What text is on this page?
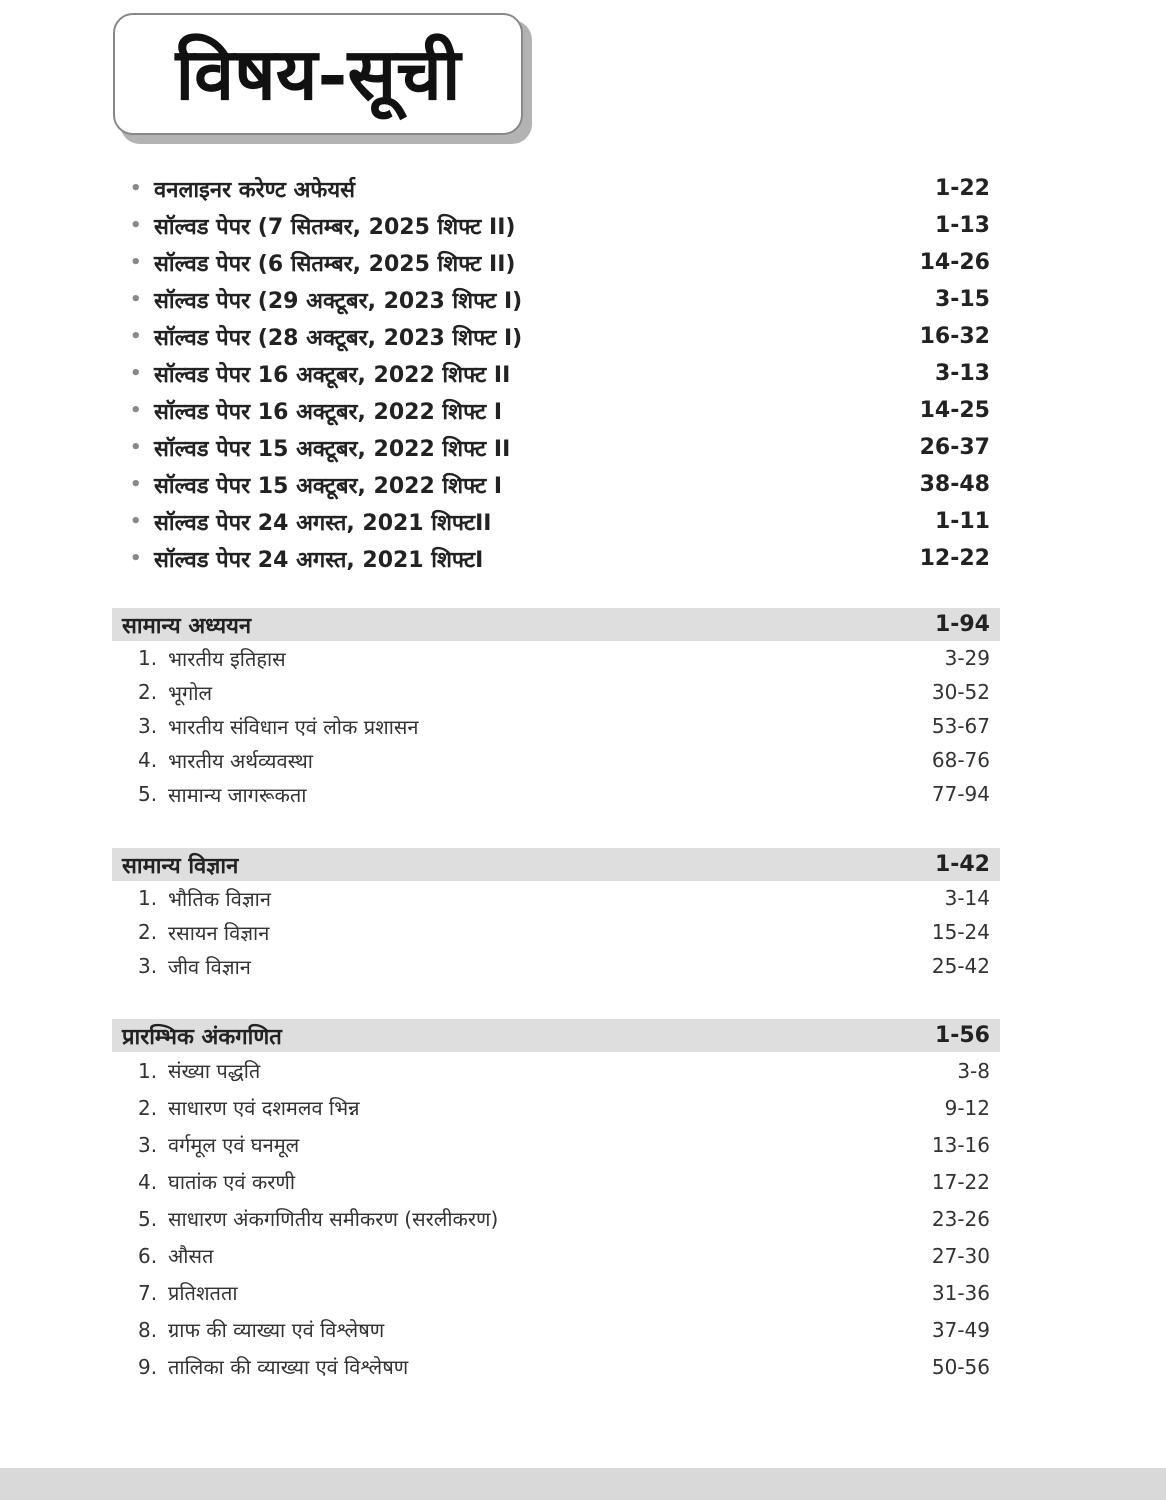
विषय-सूची
• वनलाइनर करेण्ट अफेयर्स	1-22
• सॉल्वड पेपर (7 सितम्बर, 2025 शिफ्ट II)	1-13
• सॉल्वड पेपर (6 सितम्बर, 2025 शिफ्ट II)	14-26
• सॉल्वड पेपर (29 अक्टूबर, 2023 शिफ्ट I)	3-15
• सॉल्वड पेपर (28 अक्टूबर, 2023 शिफ्ट I)	16-32
• सॉल्वड पेपर 16 अक्टूबर, 2022 शिफ्ट II	3-13
• सॉल्वड पेपर 16 अक्टूबर, 2022 शिफ्ट I	14-25
• सॉल्वड पेपर 15 अक्टूबर, 2022 शिफ्ट II	26-37
• सॉल्वड पेपर 15 अक्टूबर, 2022 शिफ्ट I	38-48
• सॉल्वड पेपर 24 अगस्त, 2021 शिफ्टII	1-11
• सॉल्वड पेपर 24 अगस्त, 2021 शिफ्टI	12-22
सामान्य अध्ययन	1-94
1. भारतीय इतिहास	3-29
2. भूगोल	30-52
3. भारतीय संविधान एवं लोक प्रशासन	53-67
4. भारतीय अर्थव्यवस्था	68-76
5. सामान्य जागरूकता	77-94
सामान्य विज्ञान	1-42
1. भौतिक विज्ञान	3-14
2. रसायन विज्ञान	15-24
3. जीव विज्ञान	25-42
प्रारम्भिक अंकगणित	1-56
1. संख्या पद्धति	3-8
2. साधारण एवं दशमलव भिन्न	9-12
3. वर्गमूल एवं घनमूल	13-16
4. घातांक एवं करणी	17-22
5. साधारण अंकगणितीय समीकरण (सरलीकरण)	23-26
6. औसत	27-30
7. प्रतिशतता	31-36
8. ग्राफ की व्याख्या एवं विश्लेषण	37-49
9. तालिका की व्याख्या एवं विश्लेषण	50-56
